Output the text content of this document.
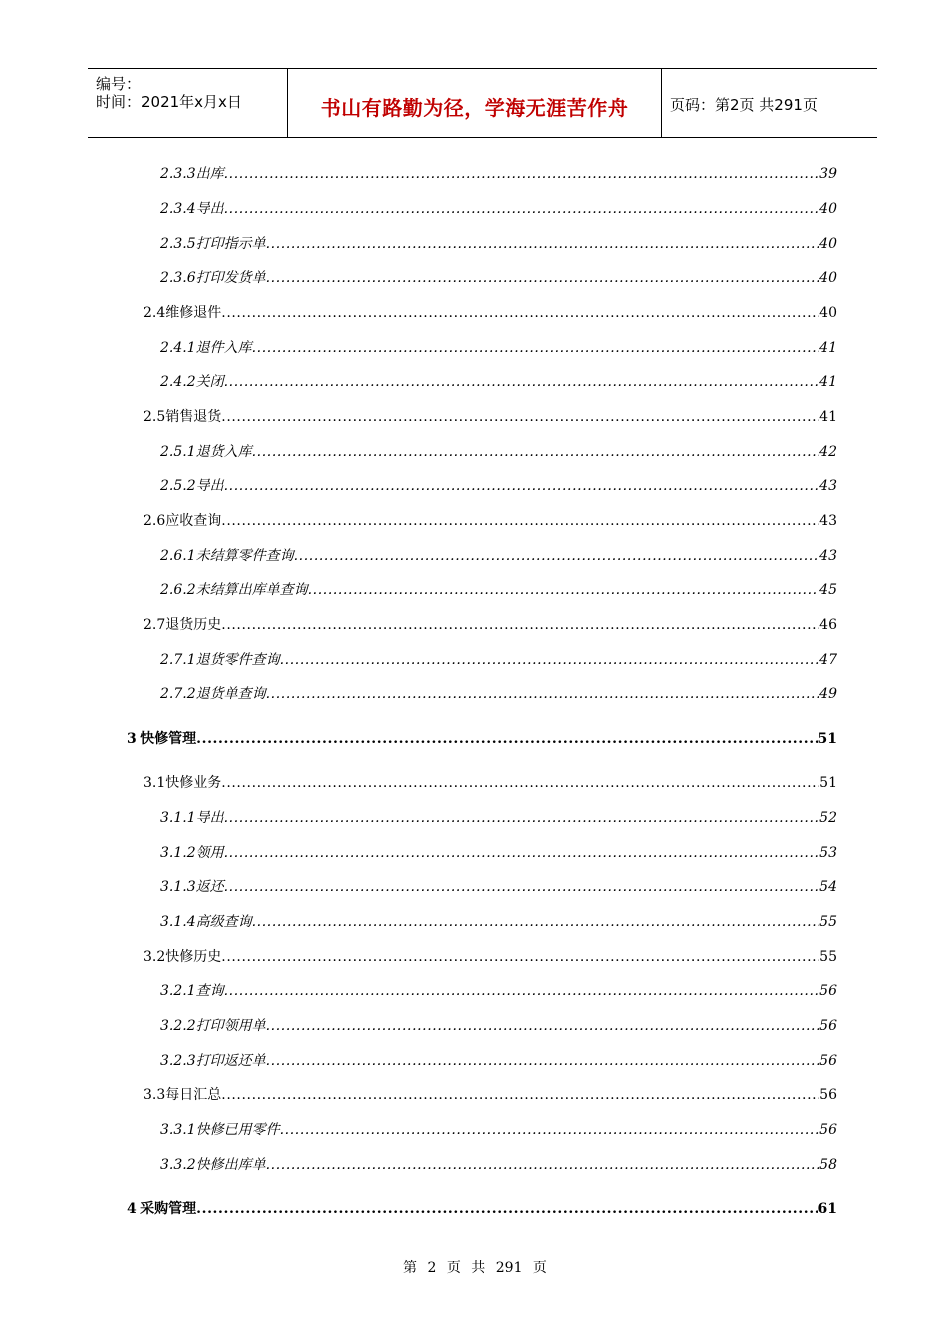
编号：
时间：2021年x月x日	书山有路勤为径，学海无涯苦作舟	页码：第2页 共291页
2.3.3 出库 .....	39
2.3.4 导出 .....	40
2.3.5 打印指示单 .....	40
2.3.6 打印发货单 .....	40
2.4 维修退件 .....	40
2.4.1 退件入库 .....	41
2.4.2 关闭 .....	41
2.5 销售退货 .....	41
2.5.1 退货入库 .....	42
2.5.2 导出 .....	43
2.6 应收查询 .....	43
2.6.1 未结算零件查询 .....	43
2.6.2 未结算出库单查询 .....	45
2.7 退货历史 .....	46
2.7.1 退货零件查询 .....	47
2.7.2 退货单查询 .....	49
3 快修管理 .....	51
3.1 快修业务 .....	51
3.1.1 导出 .....	52
3.1.2 领用 .....	53
3.1.3 返还 .....	54
3.1.4 高级查询 .....	55
3.2 快修历史 .....	55
3.2.1 查询 .....	56
3.2.2 打印领用单 .....	56
3.2.3 打印返还单 .....	56
3.3 每日汇总 .....	56
3.3.1 快修已用零件 .....	56
3.3.2 快修出库单 .....	58
4 采购管理 .....	61
第 2 页 共 291 页
